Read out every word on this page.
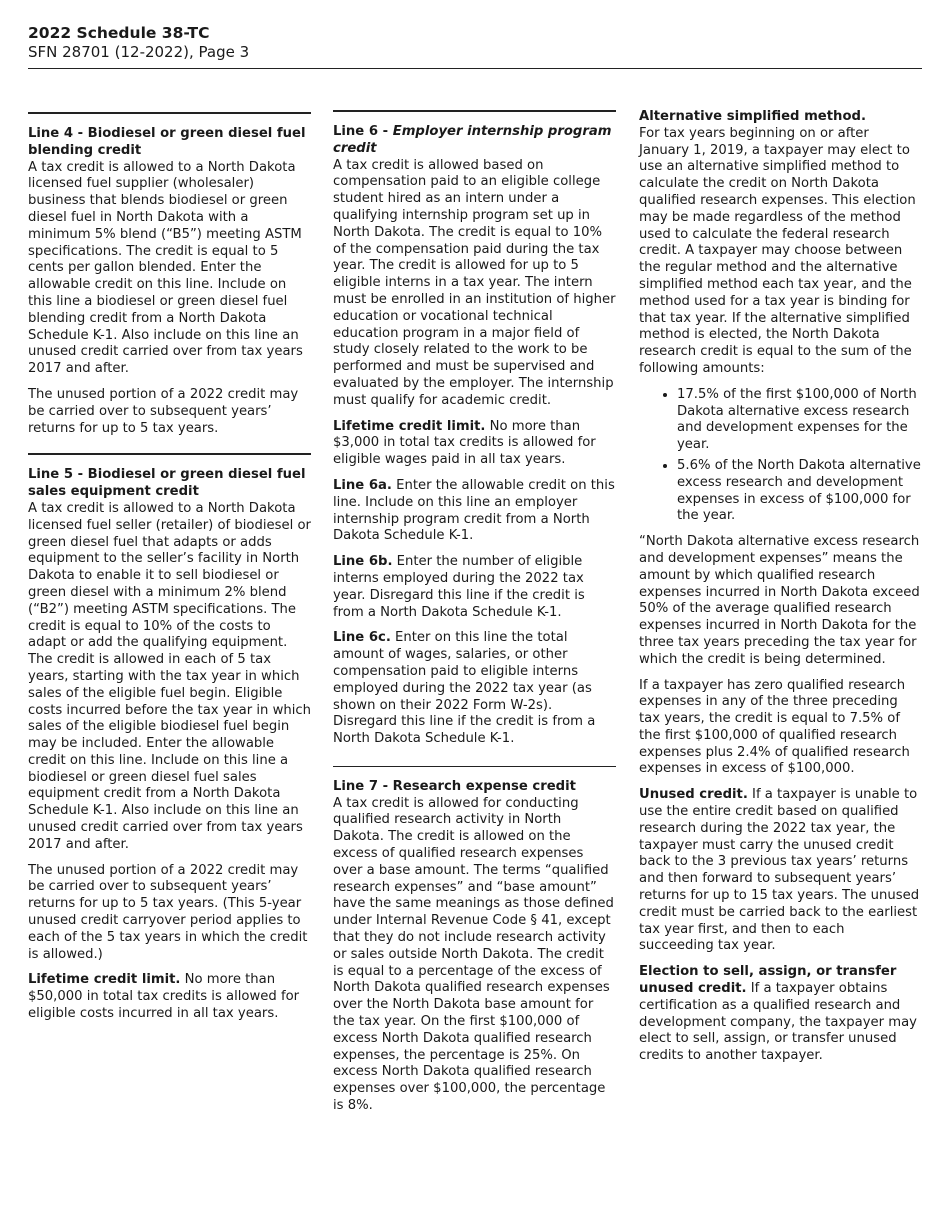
2022 Schedule 38-TC
SFN 28701 (12-2022), Page 3
Line 4 - Biodiesel or green diesel fuel blending credit

A tax credit is allowed to a North Dakota licensed fuel supplier (wholesaler) business that blends biodiesel or green diesel fuel in North Dakota with a minimum 5% blend (“B5”) meeting ASTM specifications. The credit is equal to 5 cents per gallon blended. Enter the allowable credit on this line. Include on this line a biodiesel or green diesel fuel blending credit from a North Dakota Schedule K-1. Also include on this line an unused credit carried over from tax years 2017 and after.

The unused portion of a 2022 credit may be carried over to subsequent years’ returns for up to 5 tax years.

Line 5 - Biodiesel or green diesel fuel sales equipment credit

A tax credit is allowed to a North Dakota licensed fuel seller (retailer) of biodiesel or green diesel fuel that adapts or adds equipment to the seller’s facility in North Dakota to enable it to sell biodiesel or green diesel with a minimum 2% blend (“B2”) meeting ASTM specifications. The credit is equal to 10% of the costs to adapt or add the qualifying equipment. The credit is allowed in each of 5 tax years, starting with the tax year in which sales of the eligible fuel begin. Eligible costs incurred before the tax year in which sales of the eligible biodiesel fuel begin may be included. Enter the allowable credit on this line. Include on this line a biodiesel or green diesel fuel sales equipment credit from a North Dakota Schedule K-1. Also include on this line an unused credit carried over from tax years 2017 and after.

The unused portion of a 2022 credit may be carried over to subsequent years’ returns for up to 5 tax years. (This 5-year unused credit carryover period applies to each of the 5 tax years in which the credit is allowed.)

Lifetime credit limit. No more than $50,000 in total tax credits is allowed for eligible costs incurred in all tax years.

Line 6 - Employer internship program credit

A tax credit is allowed based on compensation paid to an eligible college student hired as an intern under a qualifying internship program set up in North Dakota. The credit is equal to 10% of the compensation paid during the tax year. The credit is allowed for up to 5 eligible interns in a tax year. The intern must be enrolled in an institution of higher education or vocational technical education program in a major field of study closely related to the work to be performed and must be supervised and evaluated by the employer. The internship must qualify for academic credit.

Lifetime credit limit. No more than $3,000 in total tax credits is allowed for eligible wages paid in all tax years.

Line 6a. Enter the allowable credit on this line. Include on this line an employer internship program credit from a North Dakota Schedule K-1.

Line 6b. Enter the number of eligible interns employed during the 2022 tax year. Disregard this line if the credit is from a North Dakota Schedule K-1.

Line 6c. Enter on this line the total amount of wages, salaries, or other compensation paid to eligible interns employed during the 2022 tax year (as shown on their 2022 Form W-2s). Disregard this line if the credit is from a North Dakota Schedule K-1.

Line 7 - Research expense credit

A tax credit is allowed for conducting qualified research activity in North Dakota. The credit is allowed on the excess of qualified research expenses over a base amount. The terms “qualified research expenses” and “base amount” have the same meanings as those defined under Internal Revenue Code § 41, except that they do not include research activity or sales outside North Dakota. The credit is equal to a percentage of the excess of North Dakota qualified research expenses over the North Dakota base amount for the tax year. On the first $100,000 of excess North Dakota qualified research expenses, the percentage is 25%. On excess North Dakota qualified research expenses over $100,000, the percentage is 8%.

Alternative simplified method.

For tax years beginning on or after January 1, 2019, a taxpayer may elect to use an alternative simplified method to calculate the credit on North Dakota qualified research expenses. This election may be made regardless of the method used to calculate the federal research credit. A taxpayer may choose between the regular method and the alternative simplified method each tax year, and the method used for a tax year is binding for that tax year. If the alternative simplified method is elected, the North Dakota research credit is equal to the sum of the following amounts:

• 17.5% of the first $100,000 of North Dakota alternative excess research and development expenses for the year.
• 5.6% of the North Dakota alternative excess research and development expenses in excess of $100,000 for the year.

“North Dakota alternative excess research and development expenses” means the amount by which qualified research expenses incurred in North Dakota exceed 50% of the average qualified research expenses incurred in North Dakota for the three tax years preceding the tax year for which the credit is being determined.

If a taxpayer has zero qualified research expenses in any of the three preceding tax years, the credit is equal to 7.5% of the first $100,000 of qualified research expenses plus 2.4% of qualified research expenses in excess of $100,000.

Unused credit. If a taxpayer is unable to use the entire credit based on qualified research during the 2022 tax year, the taxpayer must carry the unused credit back to the 3 previous tax years’ returns and then forward to subsequent years’ returns for up to 15 tax years. The unused credit must be carried back to the earliest tax year first, and then to each succeeding tax year.

Election to sell, assign, or transfer unused credit. If a taxpayer obtains certification as a qualified research and development company, the taxpayer may elect to sell, assign, or transfer unused credits to another taxpayer.
